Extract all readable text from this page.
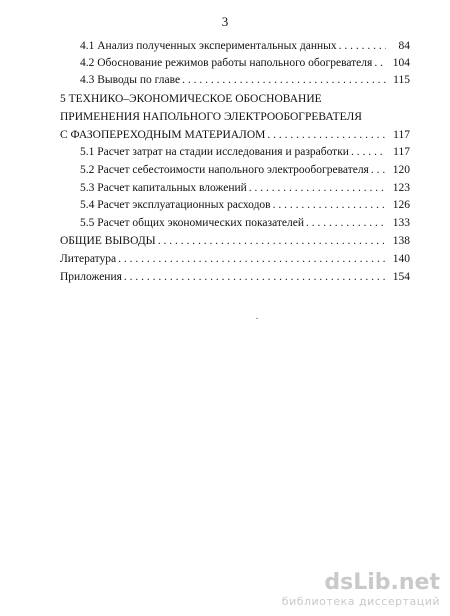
3
4.1 Анализ полученных экспериментальных данных . . .	84
4.2 Обоснование режимов работы напольного обогревателя . . .	104
4.3 Выводы по главе . . .	115
5 ТЕХНИКО–ЭКОНОМИЧЕСКОЕ ОБОСНОВАНИЕ
ПРИМЕНЕНИЯ НАПОЛЬНОГО ЭЛЕКТРООБОГРЕВАТЕЛЯ
С ФАЗОПЕРЕХОДНЫМ МАТЕРИАЛОМ . . .	117
5.1 Расчет затрат на стадии исследования и разработки . . .	117
5.2 Расчет себестоимости напольного электрообогревателя . . .	120
5.3 Расчет капитальных вложений . . .	123
5.4 Расчет эксплуатационных расходов . . .	126
5.5 Расчет общих экономических показателей . . .	133
ОБЩИЕ ВЫВОДЫ . . .	138
Литература . . .	140
Приложения . . .	154
dsLib.net
библиотека диссертаций
